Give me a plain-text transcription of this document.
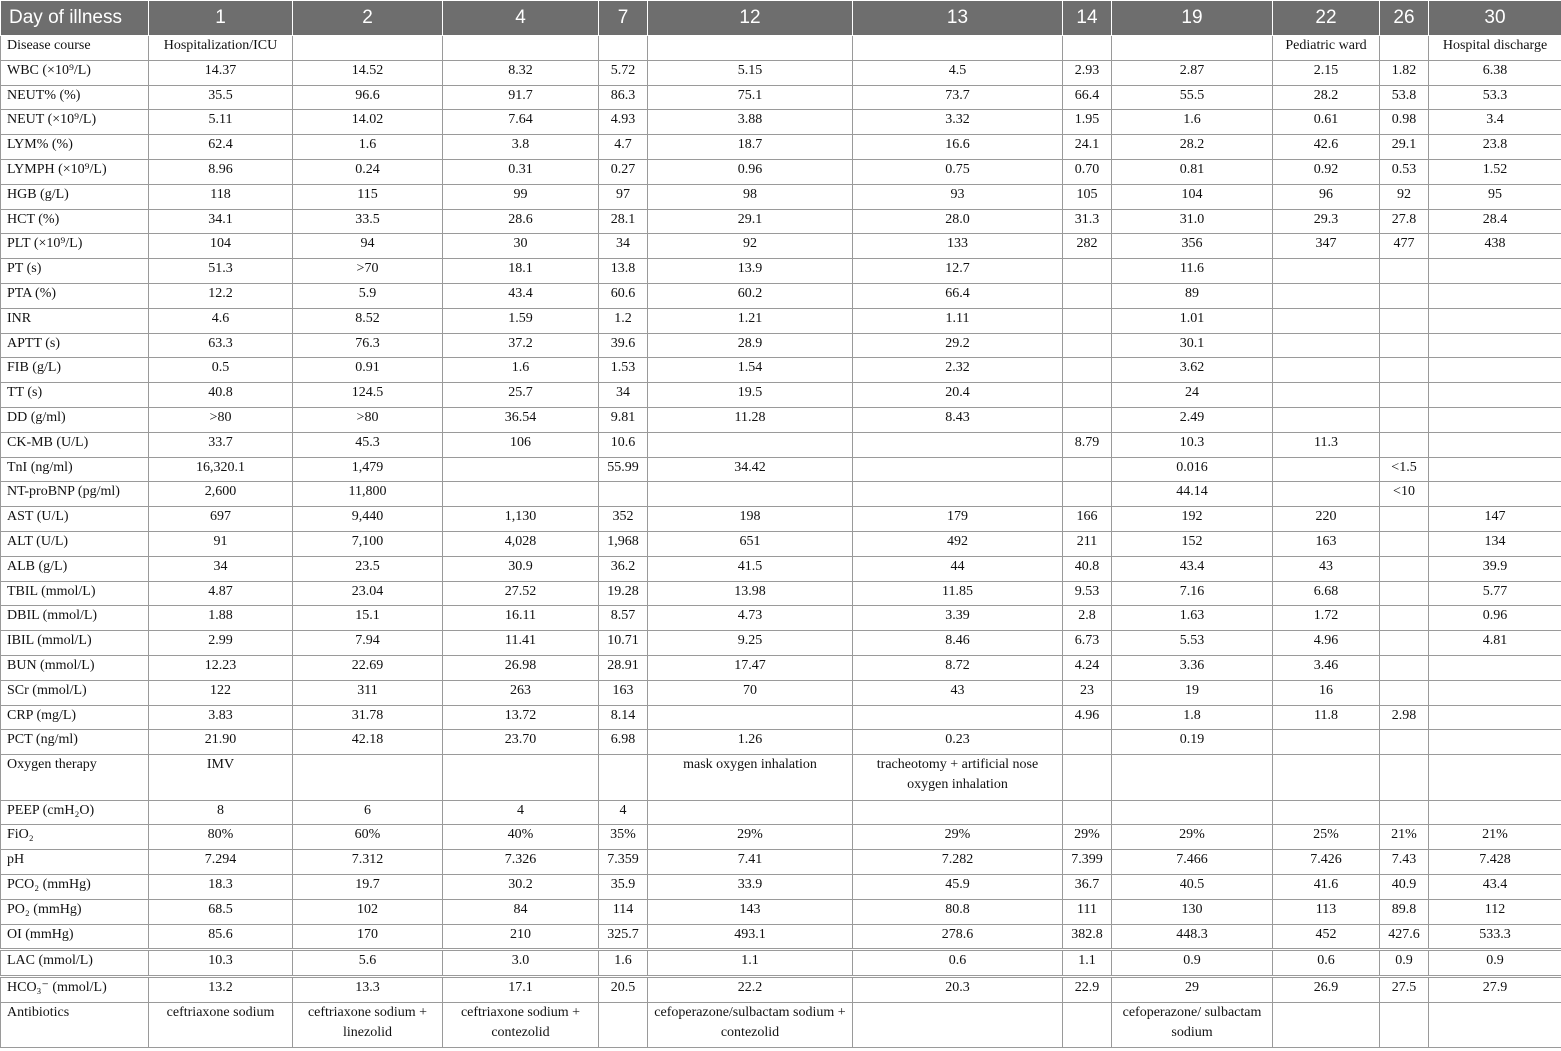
Day of illness	1	2	4	7	12	13	14	19	22	26	30
Disease course	Hospitalization/ICU								Pediatric ward		Hospital discharge
WBC (×10⁹/L)	14.37	14.52	8.32	5.72	5.15	4.5	2.93	2.87	2.15	1.82	6.38
NEUT% (%)	35.5	96.6	91.7	86.3	75.1	73.7	66.4	55.5	28.2	53.8	53.3
NEUT (×10⁹/L)	5.11	14.02	7.64	4.93	3.88	3.32	1.95	1.6	0.61	0.98	3.4
LYM% (%)	62.4	1.6	3.8	4.7	18.7	16.6	24.1	28.2	42.6	29.1	23.8
LYMPH (×10⁹/L)	8.96	0.24	0.31	0.27	0.96	0.75	0.70	0.81	0.92	0.53	1.52
HGB (g/L)	118	115	99	97	98	93	105	104	96	92	95
HCT (%)	34.1	33.5	28.6	28.1	29.1	28.0	31.3	31.0	29.3	27.8	28.4
PLT (×10⁹/L)	104	94	30	34	92	133	282	356	347	477	438
PT (s)	51.3	>70	18.1	13.8	13.9	12.7		11.6			
PTA (%)	12.2	5.9	43.4	60.6	60.2	66.4		89			
INR	4.6	8.52	1.59	1.2	1.21	1.11		1.01			
APTT (s)	63.3	76.3	37.2	39.6	28.9	29.2		30.1			
FIB (g/L)	0.5	0.91	1.6	1.53	1.54	2.32		3.62			
TT (s)	40.8	124.5	25.7	34	19.5	20.4		24			
DD (g/ml)	>80	>80	36.54	9.81	11.28	8.43		2.49			
CK-MB (U/L)	33.7	45.3	106	10.6			8.79	10.3	11.3		
TnI (ng/ml)	16,320.1	1,479		55.99	34.42			0.016		<1.5	
NT-proBNP (pg/ml)	2,600	11,800						44.14		<10	
AST (U/L)	697	9,440	1,130	352	198	179	166	192	220		147
ALT (U/L)	91	7,100	4,028	1,968	651	492	211	152	163		134
ALB (g/L)	34	23.5	30.9	36.2	41.5	44	40.8	43.4	43		39.9
TBIL (mmol/L)	4.87	23.04	27.52	19.28	13.98	11.85	9.53	7.16	6.68		5.77
DBIL (mmol/L)	1.88	15.1	16.11	8.57	4.73	3.39	2.8	1.63	1.72		0.96
IBIL (mmol/L)	2.99	7.94	11.41	10.71	9.25	8.46	6.73	5.53	4.96		4.81
BUN (mmol/L)	12.23	22.69	26.98	28.91	17.47	8.72	4.24	3.36	3.46		
SCr (mmol/L)	122	311	263	163	70	43	23	19	16		
CRP (mg/L)	3.83	31.78	13.72	8.14			4.96	1.8	11.8	2.98	
PCT (ng/ml)	21.90	42.18	23.70	6.98	1.26	0.23		0.19			
Oxygen therapy	IMV				mask oxygen inhalation	tracheotomy + artificial nose oxygen inhalation					
PEEP (cmH₂O)	8	6	4	4							
FiO₂	80%	60%	40%	35%	29%	29%	29%	29%	25%	21%	21%
pH	7.294	7.312	7.326	7.359	7.41	7.282	7.399	7.466	7.426	7.43	7.428
PCO₂ (mmHg)	18.3	19.7	30.2	35.9	33.9	45.9	36.7	40.5	41.6	40.9	43.4
PO₂ (mmHg)	68.5	102	84	114	143	80.8	111	130	113	89.8	112
OI (mmHg)	85.6	170	210	325.7	493.1	278.6	382.8	448.3	452	427.6	533.3
LAC (mmol/L)	10.3	5.6	3.0	1.6	1.1	0.6	1.1	0.9	0.6	0.9	0.9
HCO₃⁻ (mmol/L)	13.2	13.3	17.1	20.5	22.2	20.3	22.9	29	26.9	27.5	27.9
Antibiotics	ceftriaxone sodium	ceftriaxone sodium + linezolid	ceftriaxone sodium + contezolid		cefoperazone/sulbactam sodium + contezolid			cefoperazone/ sulbactam sodium			
